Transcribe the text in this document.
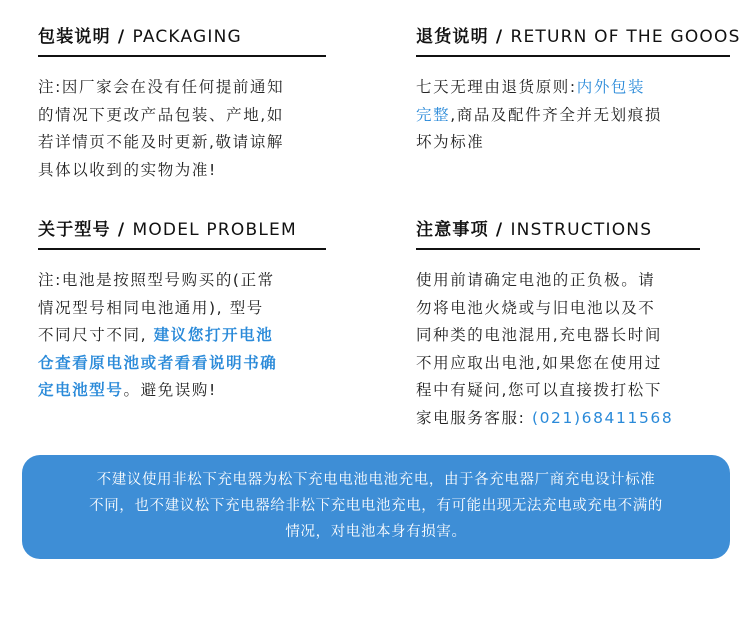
包装说明 / PACKAGING
注:因厂家会在没有任何提前通知
的情况下更改产品包装、产地,如
若详情页不能及时更新,敬请谅解
具体以收到的实物为准!
退货说明 / RETURN OF THE GOOOS
七天无理由退货原则:内外包装
完整,商品及配件齐全并无划痕损
坏为标准
关于型号 / MODEL PROBLEM
注:电池是按照型号购买的(正常
情况型号相同电池通用), 型号
不同尺寸不同, 建议您打开电池
仓查看原电池或者看看说明书确
定电池型号。避免误购!
注意事项 / INSTRUCTIONS
使用前请确定电池的正负极。请
勿将电池火烧或与旧电池以及不
同种类的电池混用,充电器长时间
不用应取出电池,如果您在使用过
程中有疑问,您可以直接拨打松下
家电服务客服: (021)68411568
不建议使用非松下充电器为松下充电电池电池充电，由于各充电器厂商充电设计标准
不同，也不建议松下充电器给非松下充电电池充电，有可能出现无法充电或充电不满的
情况，对电池本身有损害。
